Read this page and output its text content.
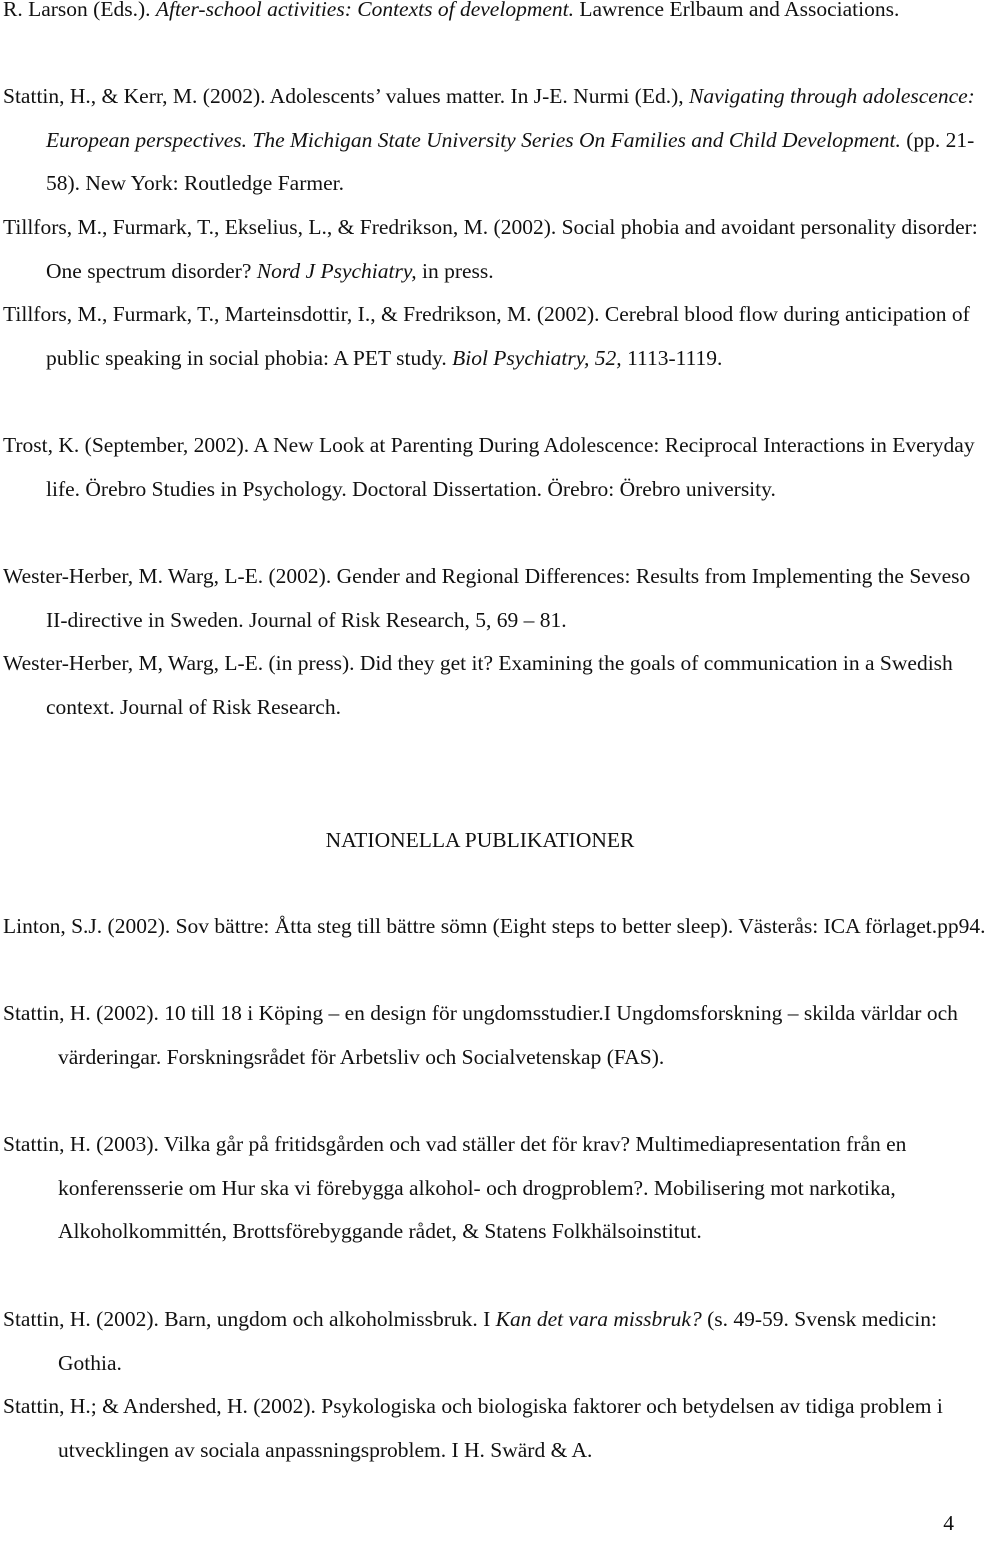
R. Larson (Eds.). After-school activities: Contexts of development. Lawrence Erlbaum and Associations.

Stattin, H., & Kerr, M. (2002). Adolescents’ values matter. In J-E. Nurmi (Ed.), Navigating through adolescence: European perspectives. The Michigan State University Series On Families and Child Development. (pp. 21-58). New York: Routledge Farmer.

Tillfors, M., Furmark, T., Ekselius, L., & Fredrikson, M. (2002). Social phobia and avoidant personality disorder: One spectrum disorder? Nord J Psychiatry, in press.

Tillfors, M., Furmark, T., Marteinsdottir, I., & Fredrikson, M. (2002). Cerebral blood flow during anticipation of public speaking in social phobia: A PET study. Biol Psychiatry, 52, 1113-1119.

Trost, K. (September, 2002). A New Look at Parenting During Adolescence: Reciprocal Interactions in Everyday life. Örebro Studies in Psychology. Doctoral Dissertation. Örebro: Örebro university.

Wester-Herber, M. Warg, L-E. (2002). Gender and Regional Differences: Results from Implementing the Seveso II-directive in Sweden. Journal of Risk Research, 5, 69 – 81.

Wester-Herber, M, Warg, L-E. (in press). Did they get it? Examining the goals of communication in a Swedish context. Journal of Risk Research.

NATIONELLA PUBLIKATIONER

Linton, S.J. (2002). Sov bättre: Åtta steg till bättre sömn (Eight steps to better sleep). Västerås: ICA förlaget.pp94.

Stattin, H. (2002). 10 till 18 i Köping – en design för ungdomsstudier.I Ungdomsforskning – skilda världar och värderingar. Forskningsrådet för Arbetsliv och Socialvetenskap (FAS).

Stattin, H. (2003). Vilka går på fritidsgården och vad ställer det för krav? Multimediapresentation från en konferensserie om Hur ska vi förebygga alkohol- och drogproblem?. Mobilisering mot narkotika, Alkoholkommittén, Brottsförebyggande rådet, & Statens Folkhälsoinstitut.

Stattin, H. (2002). Barn, ungdom och alkoholmissbruk. I Kan det vara missbruk? (s. 49-59. Svensk medicin: Gothia.

Stattin, H.; & Andershed, H. (2002). Psykologiska och biologiska faktorer och betydelsen av tidiga problem i utvecklingen av sociala anpassningsproblem. I H. Swärd & A.

4
